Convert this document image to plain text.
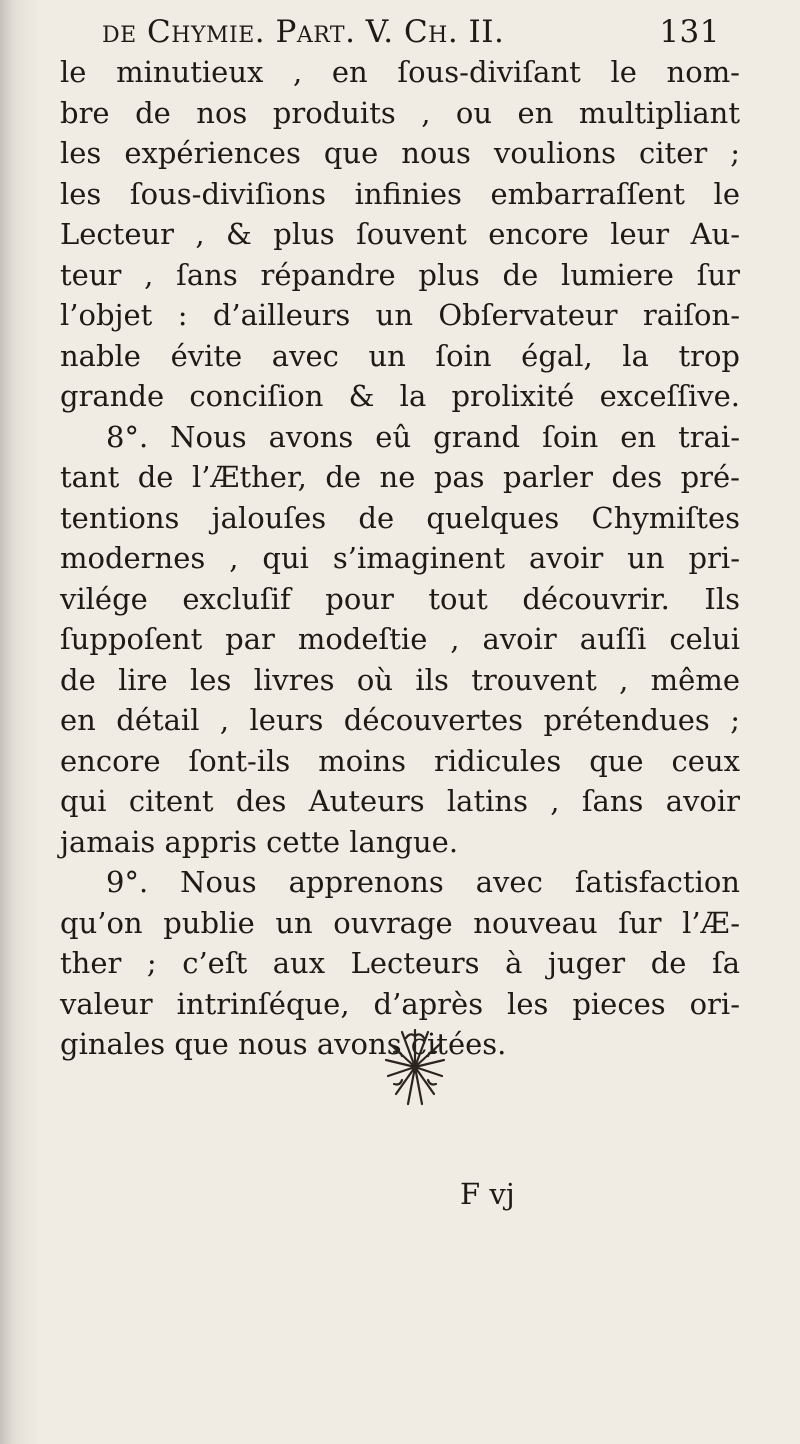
de Chymie. Part. V. Ch. II.	131
le minutieux , en ſous-diviſant le nom-
bre de nos produits , ou en multipliant
les expériences que nous voulions citer ;
les ſous-diviſions infinies embarraſſent le
Lecteur , & plus ſouvent encore leur Au-
teur , ſans répandre plus de lumiere ſur
l’objet : d’ailleurs un Obſervateur raiſon-
nable évite avec un ſoin égal, la trop
grande conciſion & la prolixité exceſſive.
8°. Nous avons eû grand ſoin en trai-
tant de l’Æther, de ne pas parler des pré-
tentions jalouſes de quelques Chymiſtes
modernes , qui s’imaginent avoir un pri-
vilége excluſif pour tout découvrir. Ils
ſuppoſent par modeſtie , avoir auſſi celui
de lire les livres où ils trouvent , même
en détail , leurs découvertes prétendues ;
encore ſont-ils moins ridicules que ceux
qui citent des Auteurs latins , ſans avoir
jamais appris cette langue.
9°. Nous apprenons avec ſatisfaction
qu’on publie un ouvrage nouveau ſur l’Æ-
ther ; c’eſt aux Lecteurs à juger de ſa
valeur intrinſéque, d’après les pieces ori-
ginales que nous avons citées.
F vj
